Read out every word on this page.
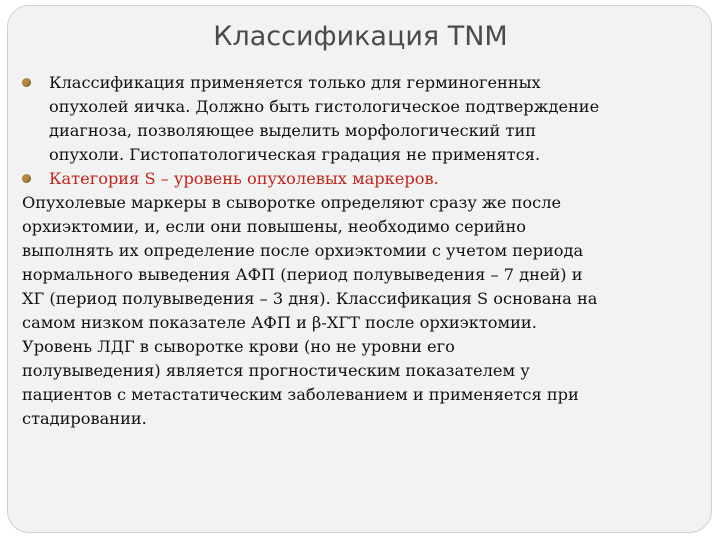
Классификация TNM
Классификация применяется только для герминогенных
опухолей яичка. Должно быть гистологическое подтверждение
диагноза, позволяющее выделить морфологический тип
опухоли. Гистопатологическая градация не применятся.
Категория S – уровень опухолевых маркеров.
Опухолевые маркеры в сыворотке определяют сразу же после
орхиэктомии, и, если они повышены, необходимо серийно
выполнять их определение после орхиэктомии с учетом периода
нормального выведения АФП (период полувыведения – 7 дней) и
ХГ (период полувыведения – 3 дня). Классификация S основана на
самом низком показателе АФП и β-ХГТ после орхиэктомии.
Уровень ЛДГ в сыворотке крови (но не уровни его
полувыведения) является прогностическим показателем у
пациентов с метастатическим заболеванием и применяется при
стадировании.
